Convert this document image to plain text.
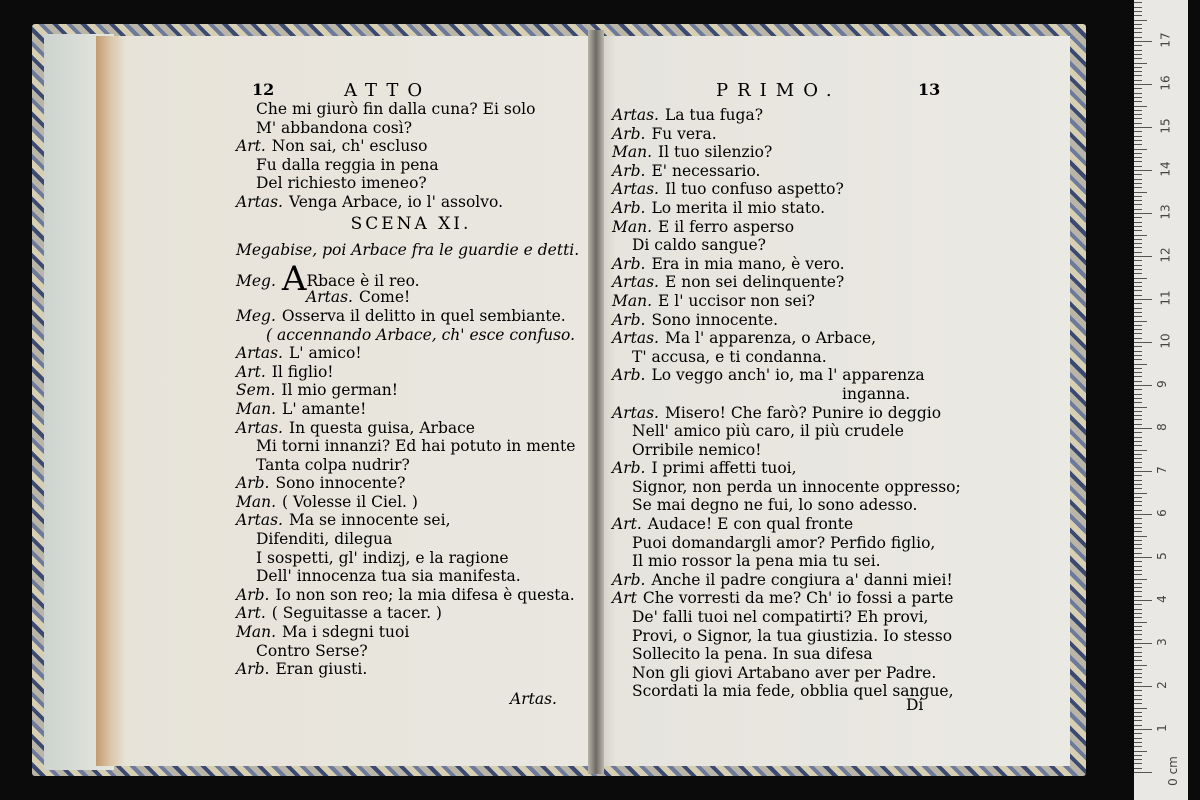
12	ATTO
Che mi giurò fin dalla cuna? Ei solo
M' abbandona così?
Art. Non sai, ch' escluso
Fu dalla reggia in pena
Del richiesto imeneo?
Artas. Venga Arbace, io l' assolvo.
SCENA XI.
Megabise, poi Arbace fra le guardie e detti.
Meg. ARbace è il reo.
Artas. Come!
Meg. Osserva il delitto in quel sembiante.
( accennando Arbace, ch' esce confuso.
Artas. L' amico!
Art. Il figlio!
Sem. Il mio german!
Man. L' amante!
Artas. In questa guisa, Arbace
Mi torni innanzi? Ed hai potuto in mente
Tanta colpa nudrir?
Arb. Sono innocente?
Man. ( Volesse il Ciel. )
Artas. Ma se innocente sei,
Difenditi, dilegua
I sospetti, gl' indizj, e la ragione
Dell' innocenza tua sia manifesta.
Arb. Io non son reo; la mia difesa è questa.
Art. ( Seguitasse a tacer. )
Man. Ma i sdegni tuoi
Contro Serse?
Arb. Eran giusti.
Artas.
PRIMO.	13
Artas. La tua fuga?
Arb. Fu vera.
Man. Il tuo silenzio?
Arb. E' necessario.
Artas. Il tuo confuso aspetto?
Arb. Lo merita il mio stato.
Man. E il ferro asperso
Di caldo sangue?
Arb. Era in mia mano, è vero.
Artas. E non sei delinquente?
Man. E l' uccisor non sei?
Arb. Sono innocente.
Artas. Ma l' apparenza, o Arbace,
T' accusa, e ti condanna.
Arb. Lo veggo anch' io, ma l' apparenza
inganna.
Artas. Misero! Che farò? Punire io deggio
Nell' amico più caro, il più crudele
Orribile nemico!
Arb. I primi affetti tuoi,
Signor, non perda un innocente oppresso;
Se mai degno ne fui, lo sono adesso.
Art. Audace! E con qual fronte
Puoi domandargli amor? Perfido figlio,
Il mio rossor la pena mia tu sei.
Arb. Anche il padre congiura a' danni miei!
Art Che vorresti da me? Ch' io fossi a parte
De' falli tuoi nel compatirti? Eh provi,
Provi, o Signor, la tua giustizia. Io stesso
Sollecito la pena. In sua difesa
Non gli giovi Artabano aver per Padre.
Scordati la mia fede, obblia quel sangue,
Di
17
16
15
14
13
12
11
10
9
8
7
6
5
4
3
2
1
0 cm
